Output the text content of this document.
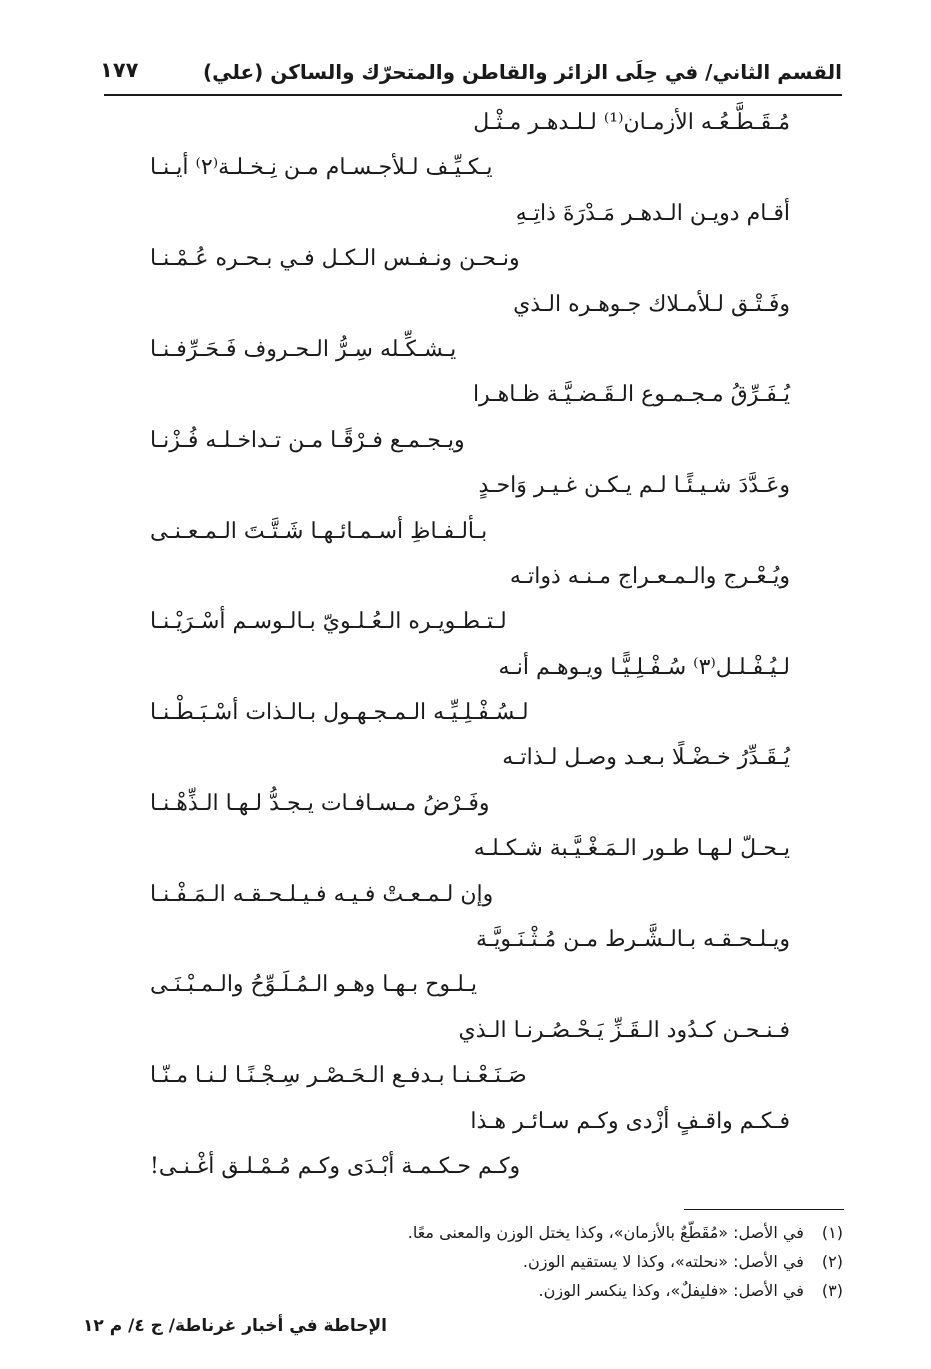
القسم الثاني/ في حِلَى الزائر والقاطن والمتحرّك والساكن (علي)
١٧٧
مُـقَـطَّـعُـه الأزمـان⁽¹⁾ لـلـدهـر مـثْـل
يـكـيِّـف لـلأجـسـام مـن نِـخـلـة⁽٢⁾ أيـنـا
أقـام دويـن الـدهـر مَـدْرَةَ ذاتِـهِ
ونـحـن ونـفـس الـكـل فـي بـحـره عُـمْـنـا
وفَـتْـق لـلأمـلاك جـوهـره الـذي
يـشـكِّـله سِـرُّ الـحـروف فَـحَـرِّفـنـا
يُـفَـرِّقُ مـجـمـوع الـقَـضـيَّـة ظـاهـرا
ويـجـمـع فـرْقًـا مـن تـداخـلـه فُـزْنـا
وعَـدَّدَ شـيـئًـا لـم يـكـن غـيـر وَاحـدٍ
بـألـفـاظِ أسـمـائـهـا شَـتَّـتَ الـمـعـنـى
ويُـعْـرج والـمـعـراج مـنـه ذواتـه
لـتـطـويـره الـعُـلـويّ بـالـوسـم أسْـرَيْـنـا
لـيُـفْـلـل⁽٣⁾ سُـفْـلِـيًّـا ويـوهـم أنـه
لـسُـفْـلِـيِّـه الـمـجـهـول بـالـذات أسْـبَـطْـنـا
يُـقَـدِّرُ خـضْـلًا بـعـد وصـل لـذاتـه
وفَـرْضُ مـسـافـات يـجـدُّ لـهـا الـذِّهْـنـا
يـحـلّ لـهـا طـور الـمَـغْـيَّـبة شـكـلـه
وإن لـمـعـتْ فـيـه فـيـلـحـقـه الـمَـفْـنـا
ويـلـحـقـه بـالـشَّـرط مـن مُـثْـنَـويَّـة
يـلـوح بـهـا وهـو الـمُـلَـوِّحُ والـمـبْـنَـى
فـنـحـن كـدُود الـقَـزِّ يَـحْـصُـرنـا الـذي
صَـنَـعْـنـا بـدفـع الـحَـصْـر سِـجْـنًـا لـنـا مـنّـا
فـكـم واقـفٍ أزْدى وكـم سـائـر هـذا
وكـم حـكـمـة أبْـدَى وكـم مُـمْـلـق أغْـنـى!
(١) في الأصل: «مُقَطّعٌ بالأزمان»، وكذا يختل الوزن والمعنى معًا.
(٢) في الأصل: «نحلته»، وكذا لا يستقيم الوزن.
(٣) في الأصل: «فليفلٌ»، وكذا ينكسر الوزن.
الإحاطة في أخبار غرناطة/ ج ٤/ م ١٢
